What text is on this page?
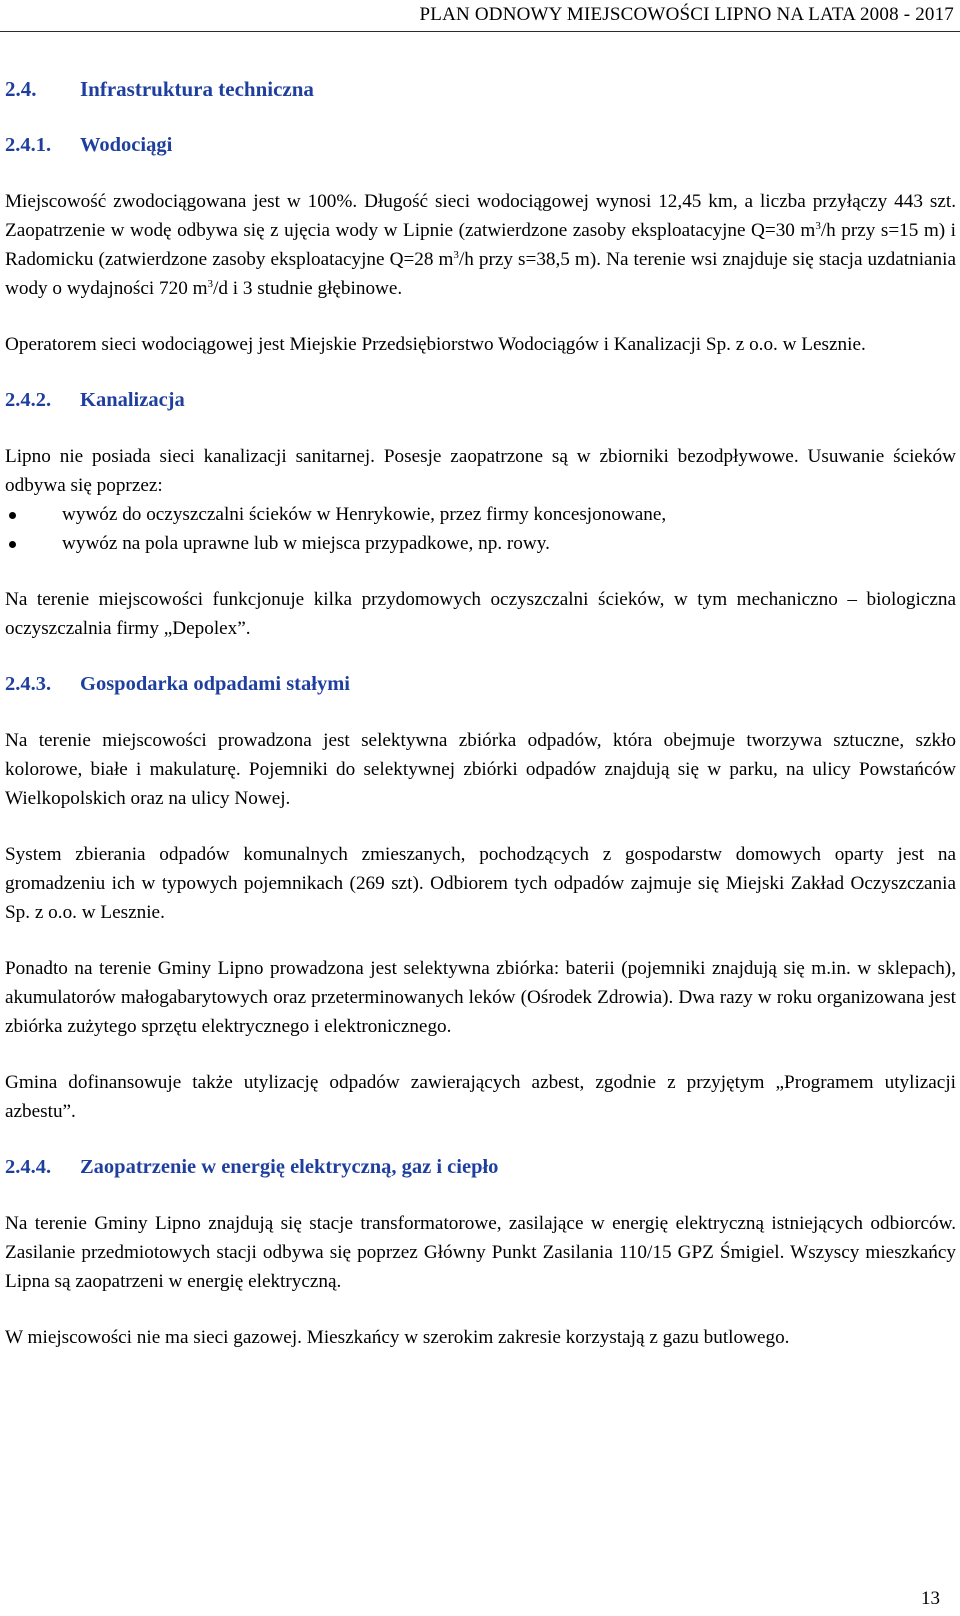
PLAN ODNOWY MIEJSCOWOŚCI LIPNO NA LATA 2008 - 2017
2.4. Infrastruktura techniczna
2.4.1. Wodociągi

Miejscowość zwodociągowana jest w 100%. Długość sieci wodociągowej wynosi 12,45 km, a liczba przyłączy 443 szt. Zaopatrzenie w wodę odbywa się z ujęcia wody w Lipnie (zatwierdzone zasoby eksploatacyjne Q=30 $m^3/h$ przy s=15 m) i Radomicku (zatwierdzone zasoby eksploatacyjne Q=28 $m^3/h$ przy s=38,5 m). Na terenie wsi znajduje się stacja uzdatniania wody o wydajności 720 $m^3/d$ i 3 studnie głębinowe.

Operatorem sieci wodociągowej jest Miejskie Przedsiębiorstwo Wodociągów i Kanalizacji Sp. z o.o. w Lesznie.

2.4.2. Kanalizacja

Lipno nie posiada sieci kanalizacji sanitarnej. Posesje zaopatrzone są w zbiorniki bezodpływowe. Usuwanie ścieków odbywa się poprzez:

wywóz do oczyszczalni ścieków w Henrykowie, przez firmy koncesjonowane,
wywóz na pola uprawne lub w miejsca przypadkowe, np. rowy.

Na terenie miejscowości funkcjonuje kilka przydomowych oczyszczalni ścieków, w tym mechaniczno – biologiczna oczyszczalnia firmy „Depolex”.

2.4.3. Gospodarka odpadami stałymi

Na terenie miejscowości prowadzona jest selektywna zbiórka odpadów, która obejmuje tworzywa sztuczne, szkło kolorowe, białe i makulaturę. Pojemniki do selektywnej zbiórki odpadów znajdują się w parku, na ulicy Powstańców Wielkopolskich oraz na ulicy Nowej.

System zbierania odpadów komunalnych zmieszanych, pochodzących z gospodarstw domowych oparty jest na gromadzeniu ich w typowych pojemnikach (269 szt). Odbiorem tych odpadów zajmuje się Miejski Zakład Oczyszczania Sp. z o.o. w Lesznie.

Ponadto na terenie Gminy Lipno prowadzona jest selektywna zbiórka: baterii (pojemniki znajdują się m.in. w sklepach), akumulatorów małogabarytowych oraz przeterminowanych leków (Ośrodek Zdrowia). Dwa razy w roku organizowana jest zbiórka zużytego sprzętu elektrycznego i elektronicznego.

Gmina dofinansowuje także utylizację odpadów zawierających azbest, zgodnie z przyjętym „Programem utylizacji azbestu”.

2.4.4. Zaopatrzenie w energię elektryczną, gaz i ciepło

Na terenie Gminy Lipno znajdują się stacje transformatorowe, zasilające w energię elektryczną istniejących odbiorców. Zasilanie przedmiotowych stacji odbywa się poprzez Główny Punkt Zasilania 110/15 GPZ Śmigiel. Wszyscy mieszkańcy Lipna są zaopatrzeni w energię elektryczną.

W miejscowości nie ma sieci gazowej. Mieszkańcy w szerokim zakresie korzystają z gazu butlowego.

13
